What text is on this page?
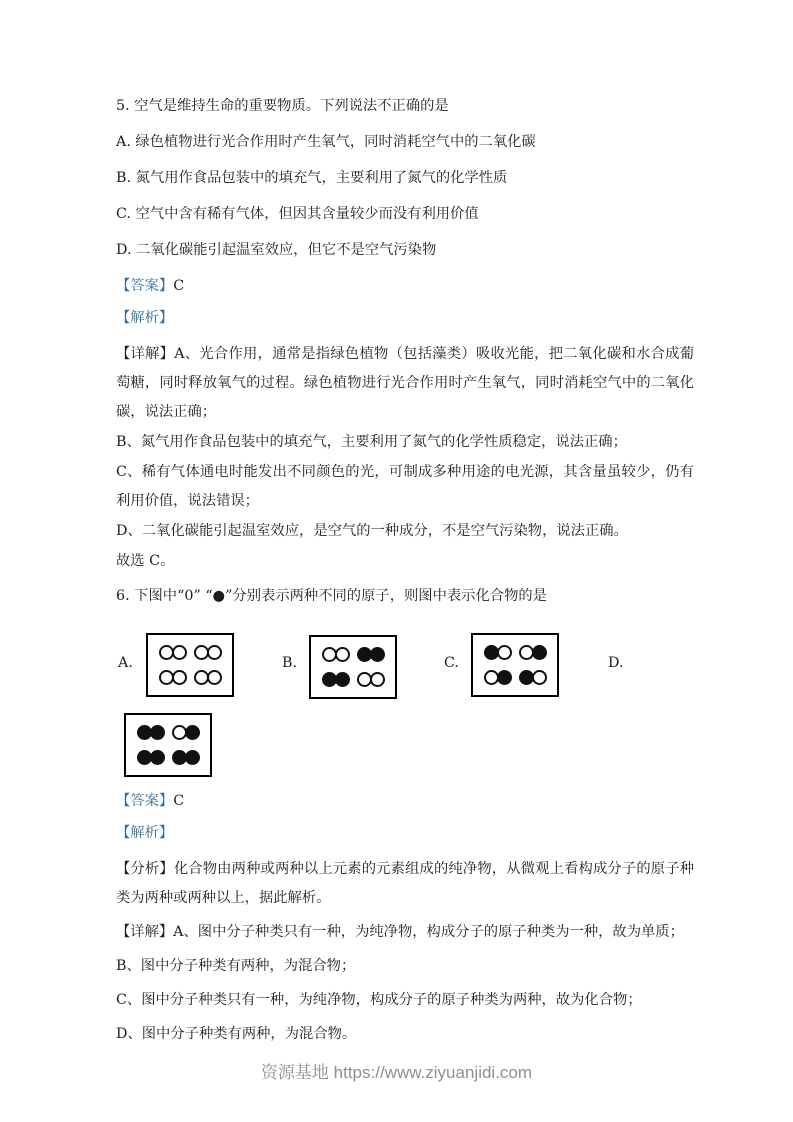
5. 空气是维持生命的重要物质。下列说法不正确的是

A. 绿色植物进行光合作用时产生氧气，同时消耗空气中的二氧化碳

B. 氮气用作食品包装中的填充气，主要利用了氮气的化学性质

C. 空气中含有稀有气体，但因其含量较少而没有利用价值

D. 二氧化碳能引起温室效应，但它不是空气污染物

【答案】C

【解析】

【详解】A、光合作用，通常是指绿色植物（包括藻类）吸收光能，把二氧化碳和水合成葡萄糖，同时释放氧气的过程。绿色植物进行光合作用时产生氧气，同时消耗空气中的二氧化碳，说法正确；

B、氮气用作食品包装中的填充气，主要利用了氮气的化学性质稳定，说法正确；

C、稀有气体通电时能发出不同颜色的光，可制成多种用途的电光源，其含量虽较少，仍有利用价值，说法错误；

D、二氧化碳能引起温室效应，是空气的一种成分，不是空气污染物，说法正确。

故选 C。

6. 下图中“0” “●”分别表示两种不同的原子，则图中表示化合物的是

A.	B.	C.	D.

【答案】C

【解析】

【分析】化合物由两种或两种以上元素的元素组成的纯净物，从微观上看构成分子的原子种类为两种或两种以上，据此解析。

【详解】A、图中分子种类只有一种，为纯净物，构成分子的原子种类为一种，故为单质；

B、图中分子种类有两种，为混合物；

C、图中分子种类只有一种，为纯净物，构成分子的原子种类为两种，故为化合物；

D、图中分子种类有两种，为混合物。

资源基地 https://www.ziyuanjidi.com
